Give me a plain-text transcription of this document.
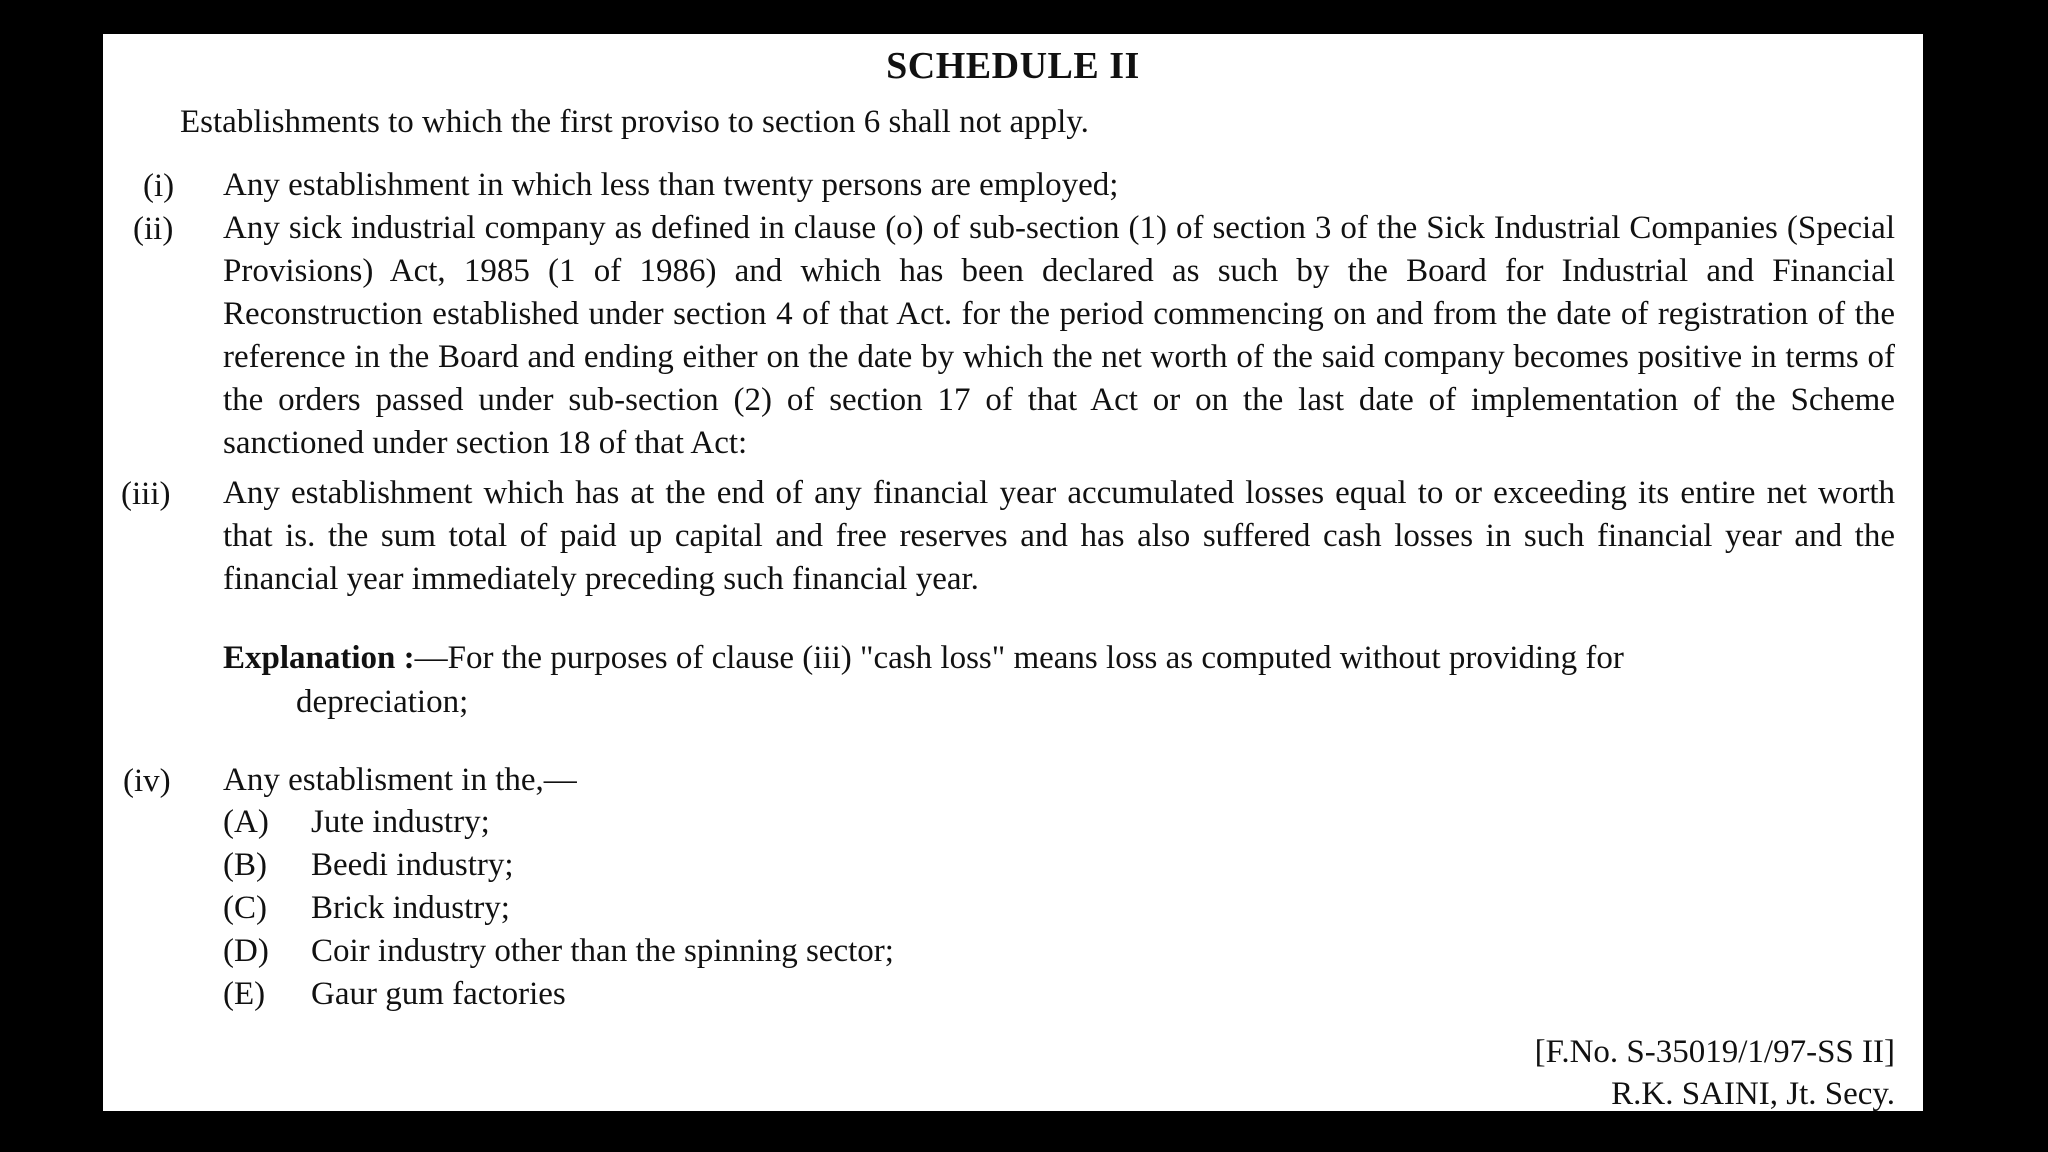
SCHEDULE II
Establishments to which the first proviso to section 6 shall not apply.
(i) Any establishment in which less than twenty persons are employed;
(ii) Any sick industrial company as defined in clause (o) of sub-section (1) of section 3 of the Sick Industrial Companies (Special Provisions) Act, 1985 (1 of 1986) and which has been declared as such by the Board for Industrial and Financial Reconstruction established under section 4 of that Act. for the period commencing on and from the date of registration of the reference in the Board and ending either on the date by which the net worth of the said company becomes positive in terms of the orders passed under sub-section (2) of section 17 of that Act or on the last date of implementation of the Scheme sanctioned under section 18 of that Act:
(iii) Any establishment which has at the end of any financial year accumulated losses equal to or exceeding its entire net worth that is. the sum total of paid up capital and free reserves and has also suffered cash losses in such financial year and the financial year immediately preceding such financial year.
Explanation :—For the purposes of clause (iii) "cash loss" means loss as computed without providing for
depreciation;
(iv) Any establisment in the,—
(A) Jute industry;
(B) Beedi industry;
(C) Brick industry;
(D) Coir industry other than the spinning sector;
(E) Gaur gum factories
[F.No. S-35019/1/97-SS II]
R.K. SAINI, Jt. Secy.
